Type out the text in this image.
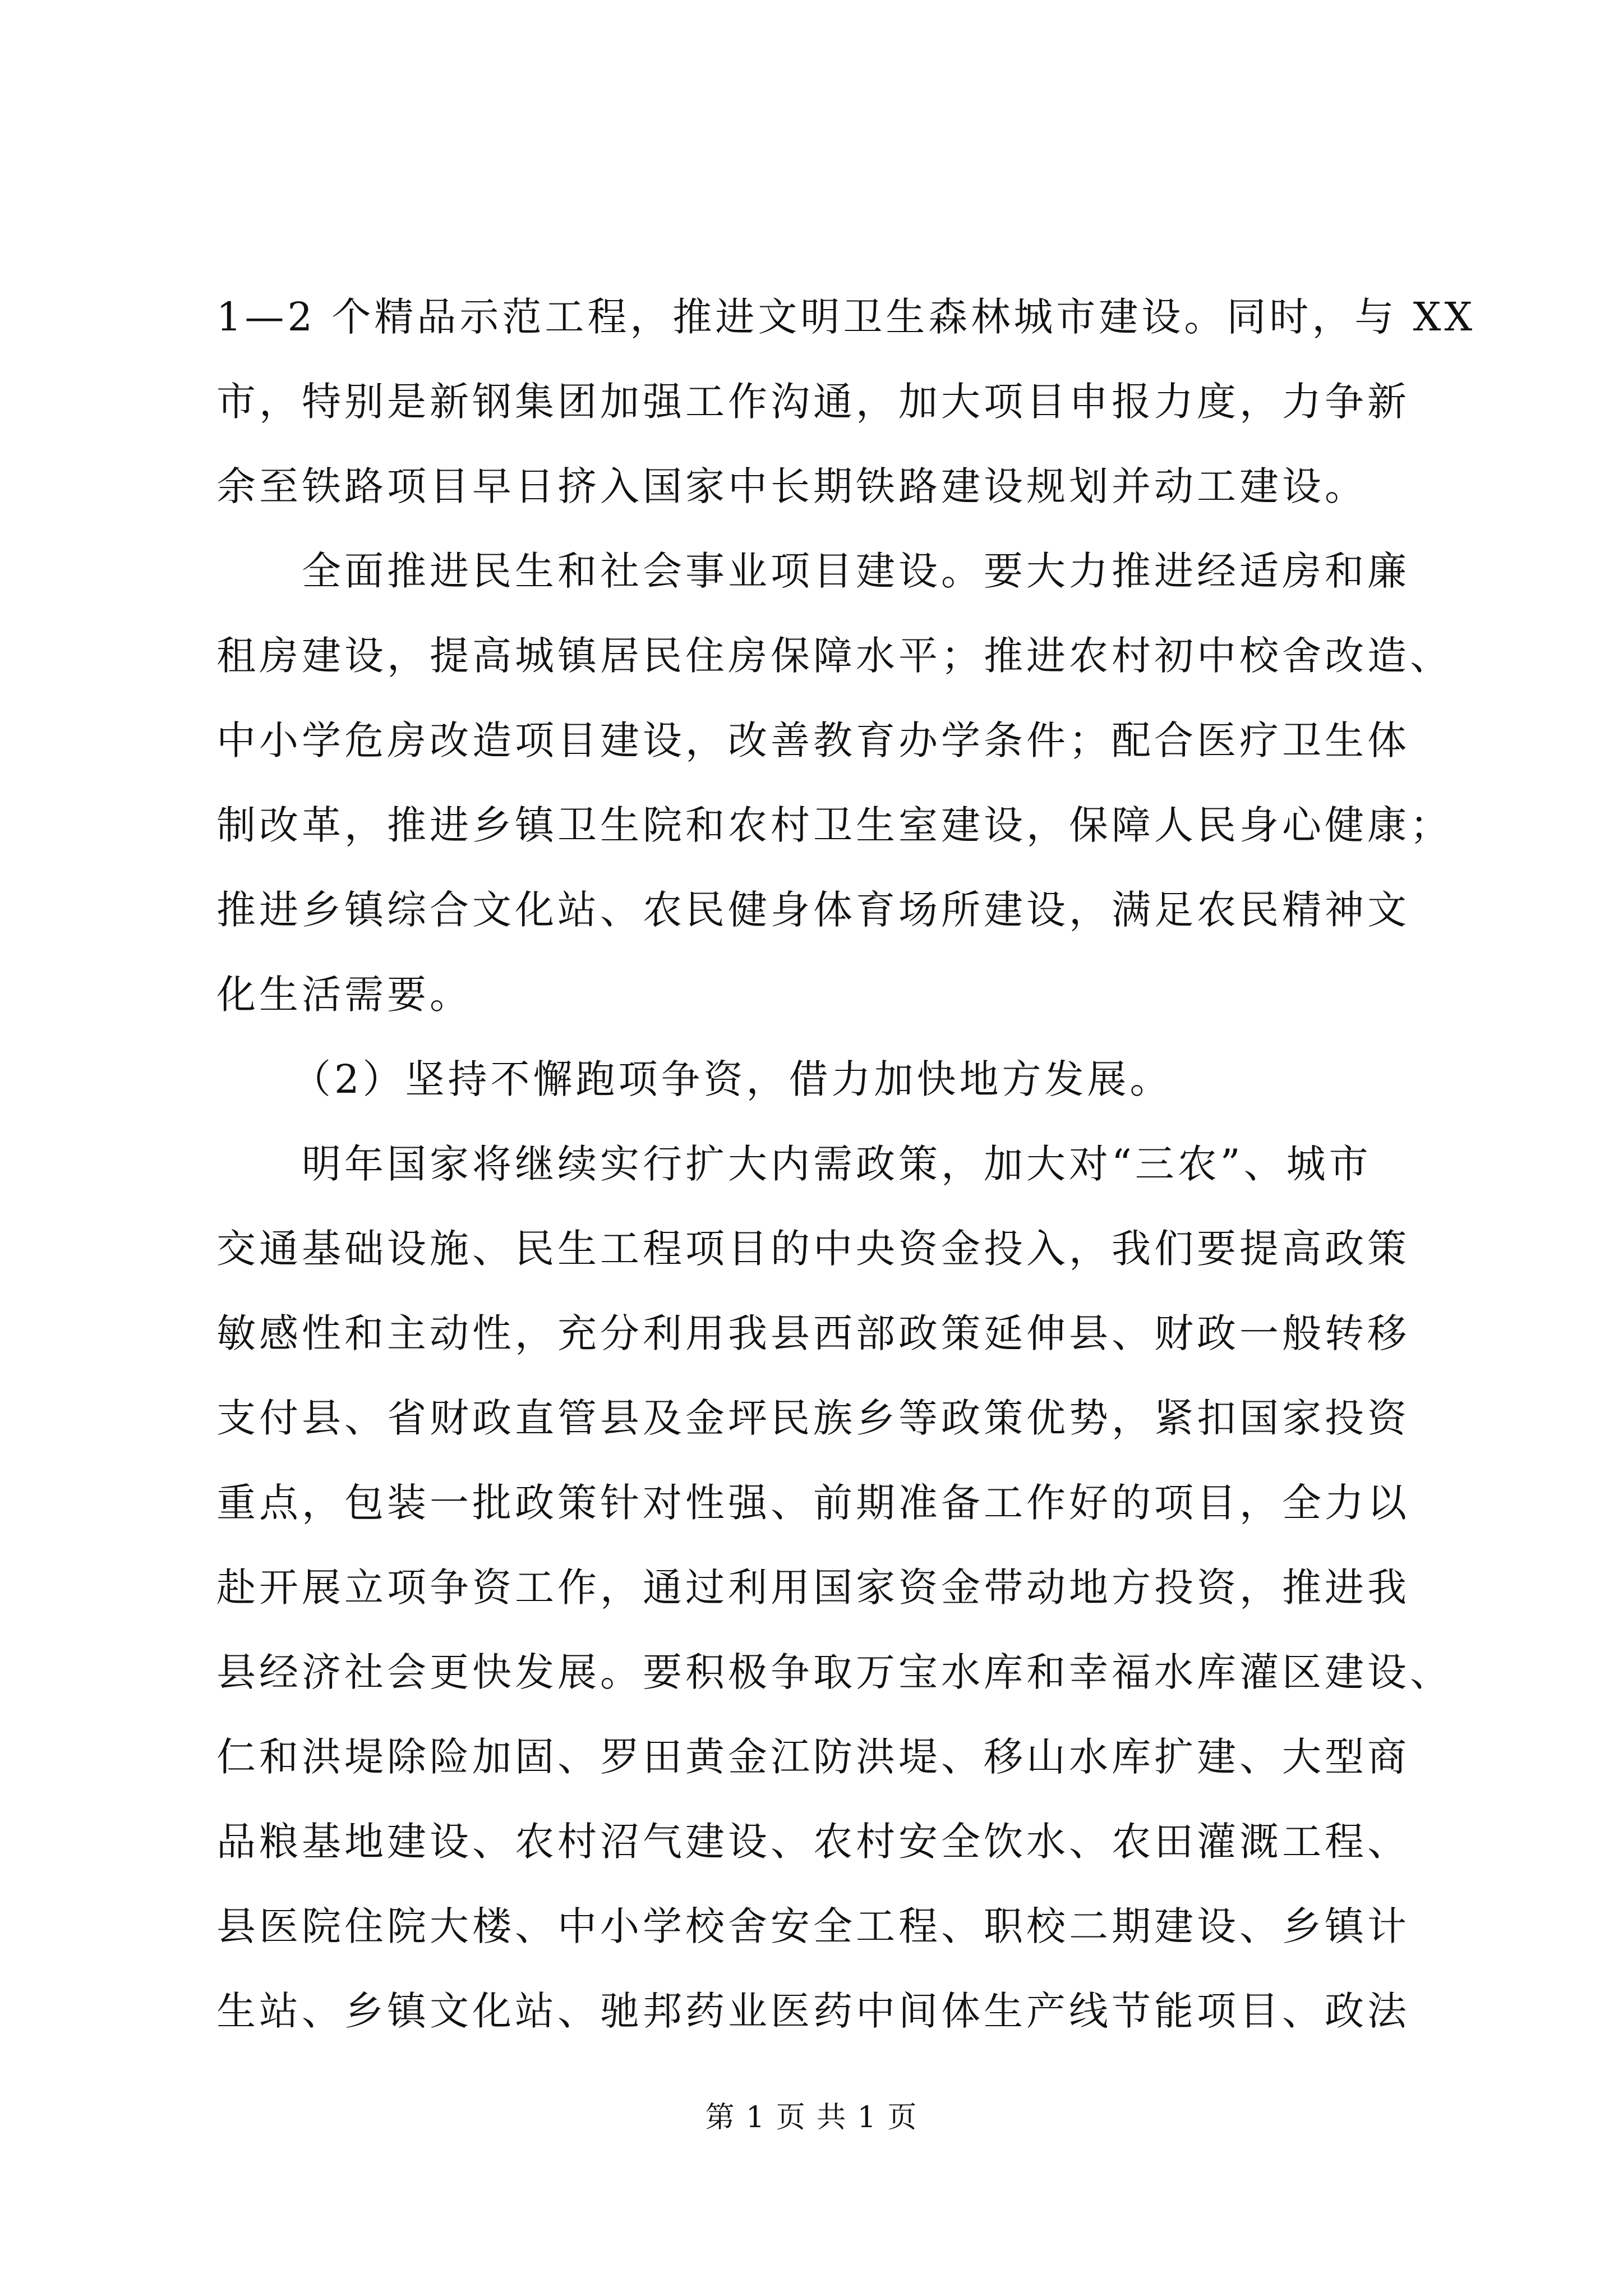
1—2 个精品示范工程，推进文明卫生森林城市建设。同时，与 XX
市，特别是新钢集团加强工作沟通，加大项目申报力度，力争新
余至铁路项目早日挤入国家中长期铁路建设规划并动工建设。
全面推进民生和社会事业项目建设。要大力推进经适房和廉
租房建设，提高城镇居民住房保障水平；推进农村初中校舍改造、
中小学危房改造项目建设，改善教育办学条件；配合医疗卫生体
制改革，推进乡镇卫生院和农村卫生室建设，保障人民身心健康；
推进乡镇综合文化站、农民健身体育场所建设，满足农民精神文
化生活需要。
（2）坚持不懈跑项争资，借力加快地方发展。
明年国家将继续实行扩大内需政策，加大对“三农”、城市
交通基础设施、民生工程项目的中央资金投入，我们要提高政策
敏感性和主动性，充分利用我县西部政策延伸县、财政一般转移
支付县、省财政直管县及金坪民族乡等政策优势，紧扣国家投资
重点，包装一批政策针对性强、前期准备工作好的项目，全力以
赴开展立项争资工作，通过利用国家资金带动地方投资，推进我
县经济社会更快发展。要积极争取万宝水库和幸福水库灌区建设、
仁和洪堤除险加固、罗田黄金江防洪堤、移山水库扩建、大型商
品粮基地建设、农村沼气建设、农村安全饮水、农田灌溉工程、
县医院住院大楼、中小学校舍安全工程、职校二期建设、乡镇计
生站、乡镇文化站、驰邦药业医药中间体生产线节能项目、政法
第 1 页 共 1 页
